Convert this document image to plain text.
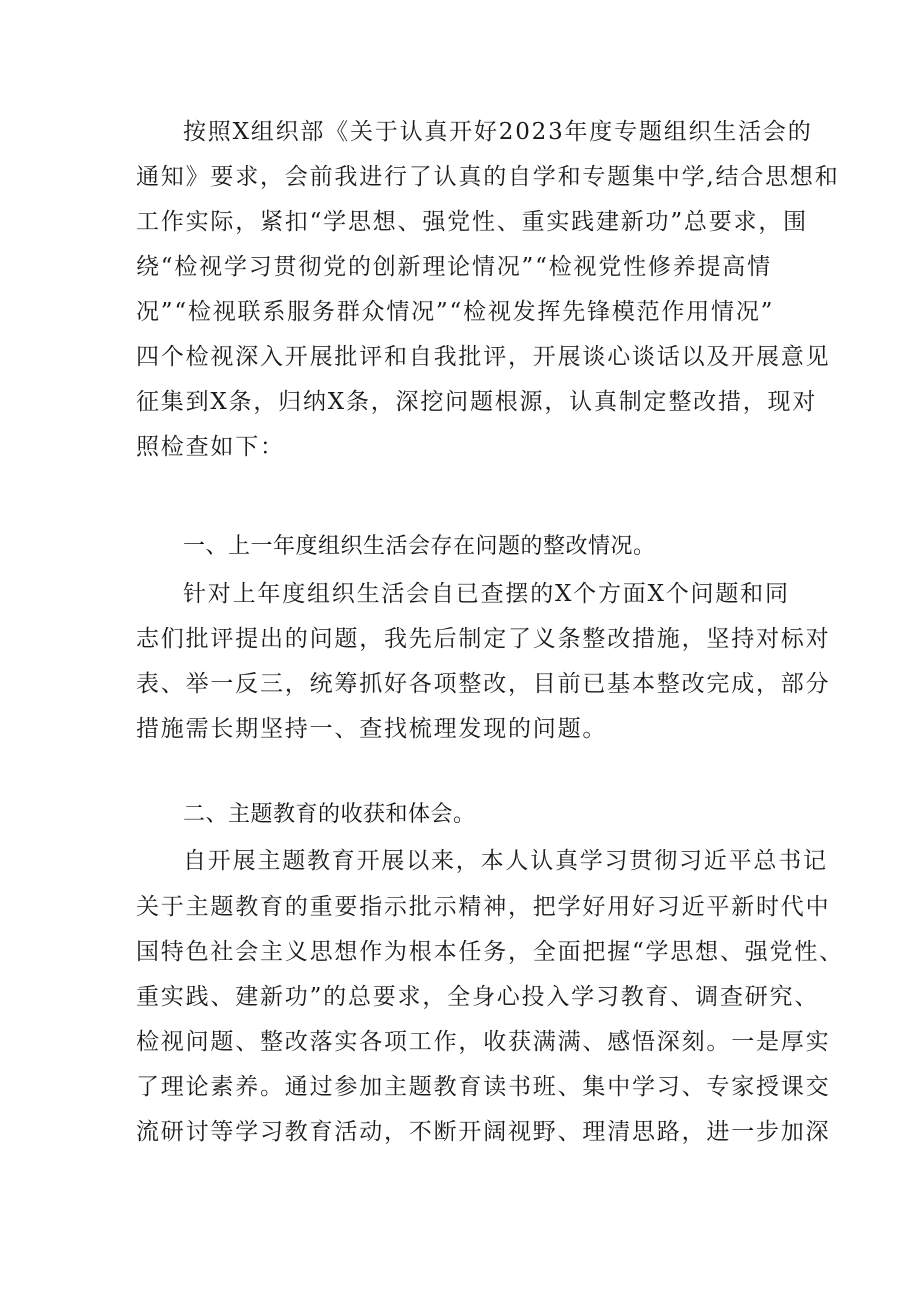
按照X组织部《关于认真开好2023年度专题组织生活会的
通知》要求，会前我进行了认真的自学和专题集中学,结合思想和
工作实际，紧扣“学思想、强党性、重实践建新功”总要求，围
绕“检视学习贯彻党的创新理论情况”“检视党性修养提高情
况”“检视联系服务群众情况”“检视发挥先锋模范作用情况”
四个检视深入开展批评和自我批评，开展谈心谈话以及开展意见
征集到X条，归纳X条，深挖问题根源，认真制定整改措，现对
照检查如下：
一、上一年度组织生活会存在问题的整改情况。
针对上年度组织生活会自已查摆的X个方面X个问题和同
志们批评提出的问题，我先后制定了义条整改措施，坚持对标对
表、举一反三，统筹抓好各项整改，目前已基本整改完成，部分
措施需长期坚持一、查找梳理发现的问题。
二、主题教育的收获和体会。
自开展主题教育开展以来，本人认真学习贯彻习近平总书记
关于主题教育的重要指示批示精神，把学好用好习近平新时代中
国特色社会主义思想作为根本任务，全面把握“学思想、强党性、
重实践、建新功”的总要求，全身心投入学习教育、调查研究、
检视问题、整改落实各项工作，收获满满、感悟深刻。一是厚实
了理论素养。通过参加主题教育读书班、集中学习、专家授课交
流研讨等学习教育活动，不断开阔视野、理清思路，进一步加深
